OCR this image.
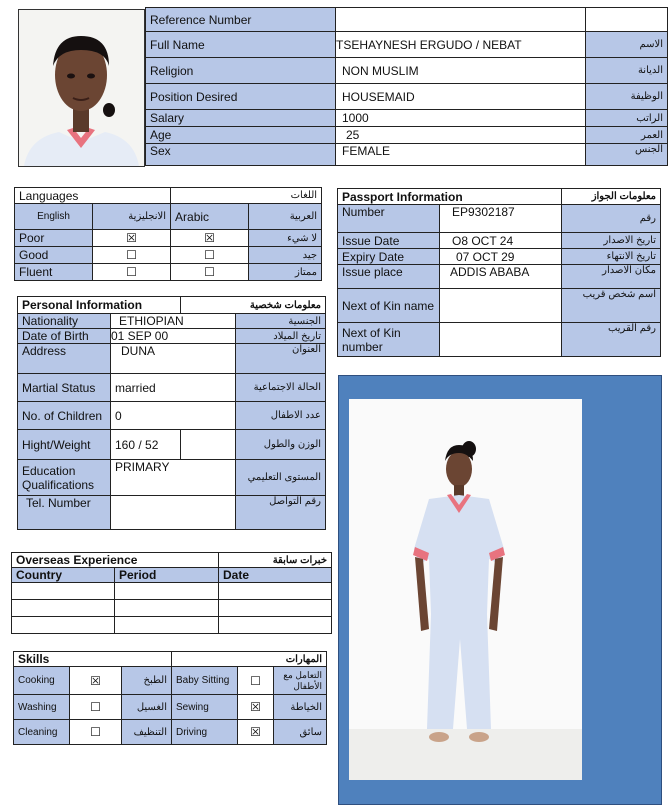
Reference Number		
Full Name	TSEHAYNESH ERGUDO / NEBAT	الاسم
Religion	NON MUSLIM	الديانة
Position Desired	HOUSEMAID	الوظيفة
Salary	1000	الراتب
Age	25	العمر
Sex	FEMALE	الجنس
Languages		اللغات	
English	الانجليزية	Arabic	العربية
Poor	☒	☒	لا شيء
Good	☐	☐	جيد
Fluent	☐	☐	ممتاز
Passport Information		معلومات الجواز
Number	EP9302187	رقم
Issue Date	O8 OCT 24	تاريخ الاصدار
Expiry Date	07 OCT 29	تاريخ الانتهاء
Issue place	ADDIS ABABA	مكان الاصدار
Next of Kin name		اسم شخص قريب
Next of Kin number		رقم القريب
Personal Information		معلومات شخصية	
Nationality	ETHIOPIAN		الجنسية
Date of Birth	01 SEP 00		تاريخ الميلاد
Address	DUNA		العنوان
Martial Status	married		الحالة الاجتماعية
No. of Children	0		عدد الاطفال
Hight/Weight	160 / 52		الوزن والطول
Education Qualifications	PRIMARY		المستوى التعليمي
Tel. Number			رقم التواصل
Overseas Experience		خبرات سابقة
Country	Period	Date

Skills			المهارات		
Cooking	☒	الطبخ	Baby Sitting	☐	التعامل مع الأطفال
Washing	☐	الغسيل	Sewing	☒	الخياطة
Cleaning	☐	التنظيف	Driving	☒	سائق
